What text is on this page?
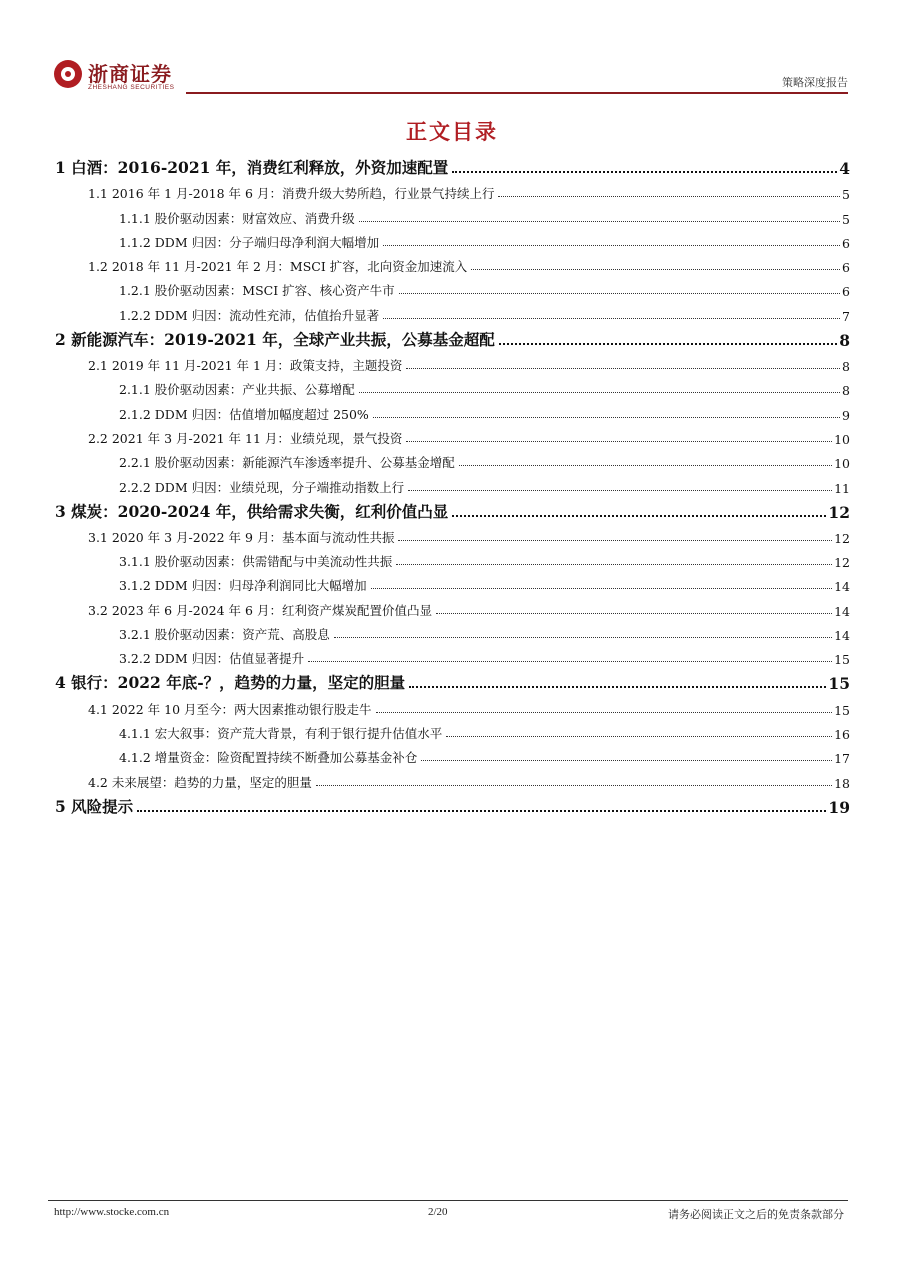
浙商证券
ZHESHANG SECURITIES	策略深度报告
正文目录
1 白酒：2016-2021 年，消费红利释放，外资加速配置	4
1.1 2016 年 1 月-2018 年 6 月：消费升级大势所趋，行业景气持续上行	5
1.1.1 股价驱动因素：财富效应、消费升级	5
1.1.2 DDM 归因：分子端归母净利润大幅增加	6
1.2 2018 年 11 月-2021 年 2 月：MSCI 扩容，北向资金加速流入	6
1.2.1 股价驱动因素：MSCI 扩容、核心资产牛市	6
1.2.2 DDM 归因：流动性充沛，估值抬升显著	7
2 新能源汽车：2019-2021 年，全球产业共振，公募基金超配	8
2.1 2019 年 11 月-2021 年 1 月：政策支持，主题投资	8
2.1.1 股价驱动因素：产业共振、公募增配	8
2.1.2 DDM 归因：估值增加幅度超过 250%	9
2.2 2021 年 3 月-2021 年 11 月：业绩兑现，景气投资	10
2.2.1 股价驱动因素：新能源汽车渗透率提升、公募基金增配	10
2.2.2 DDM 归因：业绩兑现，分子端推动指数上行	11
3 煤炭：2020-2024 年，供给需求失衡，红利价值凸显	12
3.1 2020 年 3 月-2022 年 9 月：基本面与流动性共振	12
3.1.1 股价驱动因素：供需错配与中美流动性共振	12
3.1.2 DDM 归因：归母净利润同比大幅增加	14
3.2 2023 年 6 月-2024 年 6 月：红利资产煤炭配置价值凸显	14
3.2.1 股价驱动因素：资产荒、高股息	14
3.2.2 DDM 归因：估值显著提升	15
4 银行：2022 年底-？，趋势的力量，坚定的胆量	15
4.1 2022 年 10 月至今：两大因素推动银行股走牛	15
4.1.1 宏大叙事：资产荒大背景，有利于银行提升估值水平	16
4.1.2 增量资金：险资配置持续不断叠加公募基金补仓	17
4.2 未来展望：趋势的力量，坚定的胆量	18
5 风险提示	19
http://www.stocke.com.cn	2/20	请务必阅读正文之后的免责条款部分
